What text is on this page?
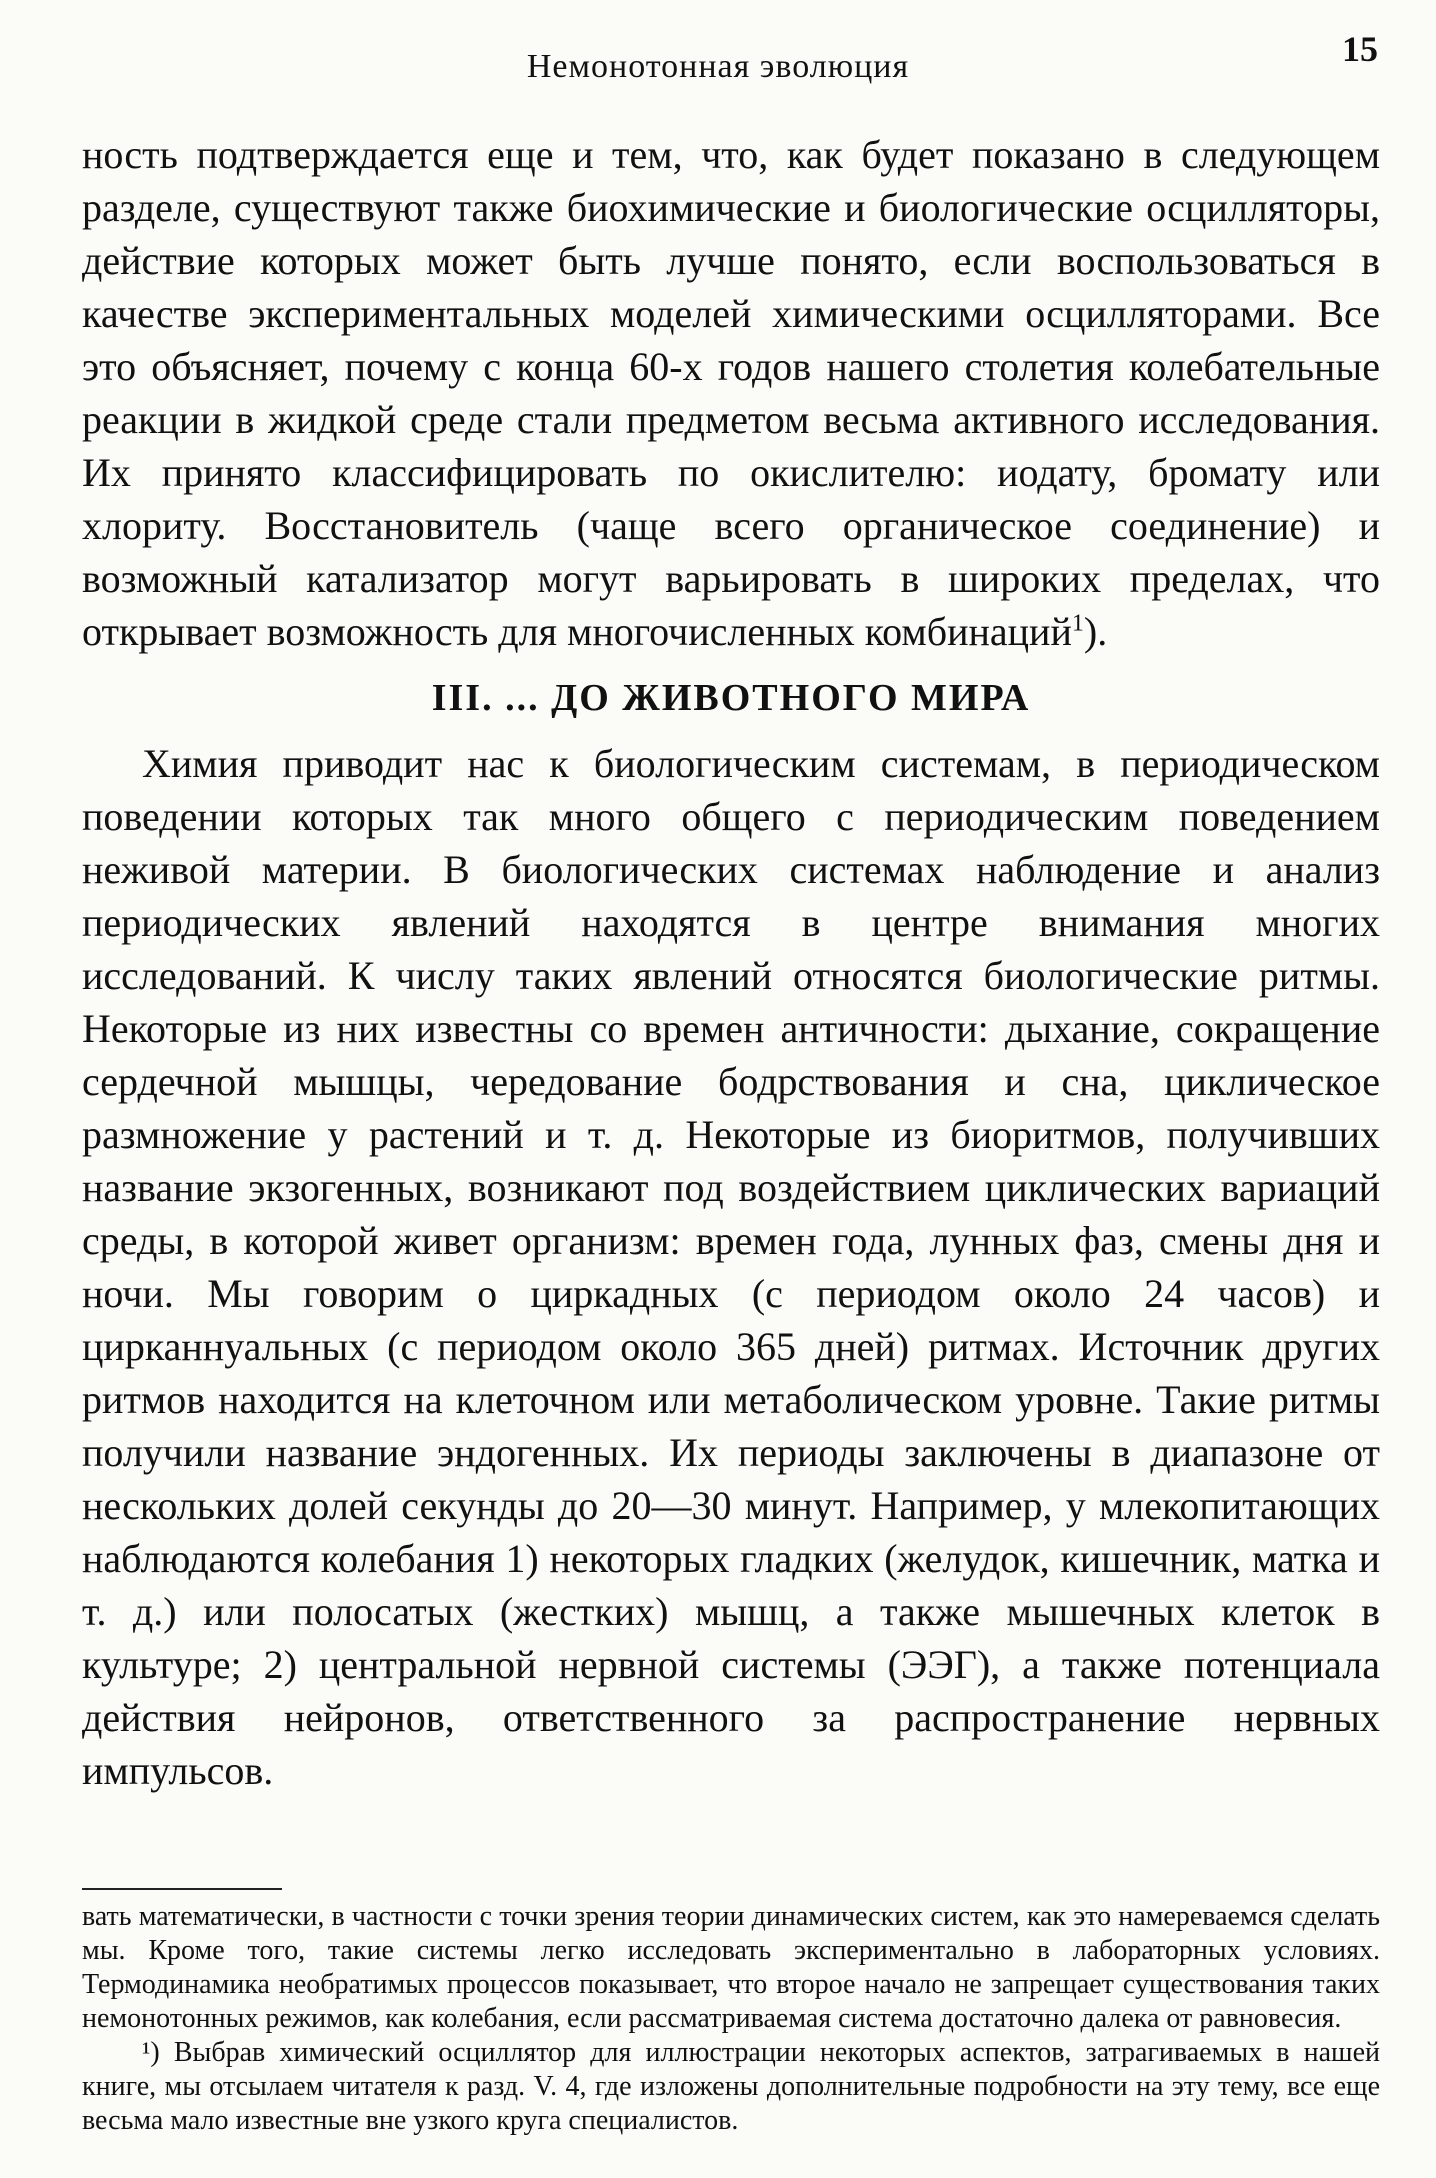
Немонотонная эволюция	15

ность подтверждается еще и тем, что, как будет показано в следующем разделе, существуют также биохимические и биологические осцилляторы, действие которых может быть лучше понято, если воспользоваться в качестве экспериментальных моделей химическими осцилляторами. Все это объясняет, почему с конца 60-х годов нашего столетия колебательные реакции в жидкой среде стали предметом весьма активного исследования. Их принято классифицировать по окислителю: иодату, бромату или хлориту. Восстановитель (чаще всего органическое соединение) и возможный катализатор могут варьировать в широких пределах, что открывает возможность для многочисленных комбинаций$^1$).

III. ... ДО ЖИВОТНОГО МИРА

Химия приводит нас к биологическим системам, в периодическом поведении которых так много общего с периодическим поведением неживой материи. В биологических системах наблюдение и анализ периодических явлений находятся в центре внимания многих исследований. К числу таких явлений относятся биологические ритмы. Некоторые из них известны со времен античности: дыхание, сокращение сердечной мышцы, чередование бодрствования и сна, циклическое размножение у растений и т. д. Некоторые из биоритмов, получивших название экзогенных, возникают под воздействием циклических вариаций среды, в которой живет организм: времен года, лунных фаз, смены дня и ночи. Мы говорим о циркадных (с периодом около 24 часов) и цирканнуальных (с периодом около 365 дней) ритмах. Источник других ритмов находится на клеточном или метаболическом уровне. Такие ритмы получили название эндогенных. Их периоды заключены в диапазоне от нескольких долей секунды до 20—30 минут. Например, у млекопитающих наблюдаются колебания 1) некоторых гладких (желудок, кишечник, матка и т. д.) или полосатых (жестких) мышц, а также мышечных клеток в культуре; 2) центральной нервной системы (ЭЭГ), а также потенциала действия нейронов, ответственного за распространение нервных импульсов.

вать математически, в частности с точки зрения теории динамических систем, как это намереваемся сделать мы. Кроме того, такие системы легко исследовать экспериментально в лабораторных условиях. Термодинамика необратимых процессов показывает, что второе начало не запрещает существования таких немонотонных режимов, как колебания, если рассматриваемая система достаточно далека от равновесия.

¹) Выбрав химический осциллятор для иллюстрации некоторых аспектов, затрагиваемых в нашей книге, мы отсылаем читателя к разд. V. 4, где изложены дополнительные подробности на эту тему, все еще весьма мало известные вне узкого круга специалистов.
